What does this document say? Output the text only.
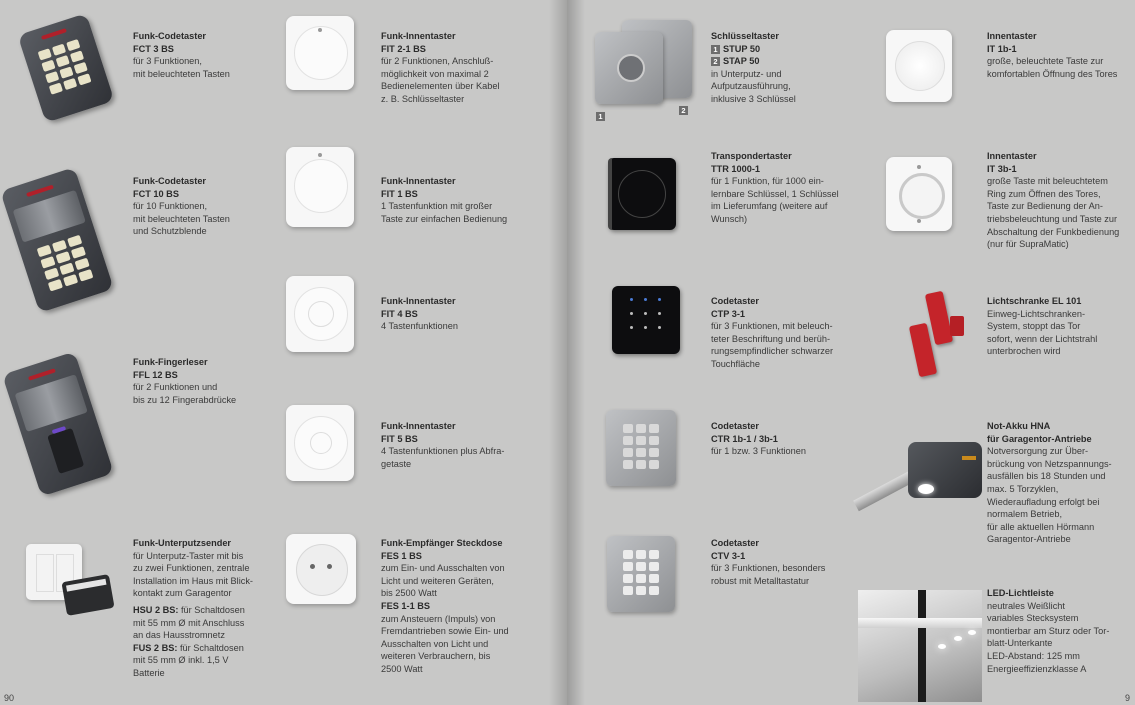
1
2
Funk-Codetaster
FCT 3 BS
für 3 Funktionen,
mit beleuchteten Tasten
Funk-Innentaster
FIT 2-1 BS
für 2 Funktionen, Anschluß-
möglichkeit von maximal 2
Bedienelementen über Kabel
z. B. Schlüsseltaster
Funk-Codetaster
FCT 10 BS
für 10 Funktionen,
mit beleuchteten Tasten
und Schutzblende
Funk-Innentaster
FIT 1 BS
1 Tastenfunktion mit großer
Taste zur einfachen Bedienung
Funk-Innentaster
FIT 4 BS
4 Tastenfunktionen
Funk-Fingerleser
FFL 12 BS
für 2 Funktionen und
bis zu 12 Fingerabdrücke
Funk-Innentaster
FIT 5 BS
4 Tastenfunktionen plus Abfra-
getaste
Funk-Unterputzsender
für Unterputz-Taster mit bis
zu zwei Funktionen, zentrale
Installation im Haus mit Blick-
kontakt zum Garagentor
HSU 2 BS: für Schaltdosen
mit 55 mm Ø mit Anschluss
an das Hausstromnetz
FUS 2 BS: für Schaltdosen
mit 55 mm Ø inkl. 1,5 V
Batterie
Funk-Empfänger Steckdose
FES 1 BS
zum Ein- und Ausschalten von
Licht und weiteren Geräten,
bis 2500 Watt
FES 1-1 BS
zum Ansteuern (Impuls) von
Fremdantrieben sowie Ein- und
Ausschalten von Licht und
weiteren Verbrauchern, bis
2500 Watt
Schlüsseltaster
1 STUP 50
2 STAP 50
in Unterputz- und
Aufputzausführung,
inklusive 3 Schlüssel
Innentaster
IT 1b-1
große, beleuchtete Taste zur
komfortablen Öffnung des Tores
Transpondertaster
TTR 1000-1
für 1 Funktion, für 1000 ein-
lernbare Schlüssel, 1 Schlüssel
im Lieferumfang (weitere auf
Wunsch)
Innentaster
IT 3b-1
große Taste mit beleuchtetem
Ring zum Öffnen des Tores,
Taste zur Bedienung der An-
triebsbeleuchtung und Taste zur
Abschaltung der Funkbedienung
(nur für SupraMatic)
Codetaster
CTP 3-1
für 3 Funktionen, mit beleuch-
teter Beschriftung und berüh-
rungsempfindlicher schwarzer
Touchfläche
Lichtschranke EL 101
Einweg-Lichtschranken-
System, stoppt das Tor
sofort, wenn der Lichtstrahl
unterbrochen wird
Codetaster
CTR 1b-1 / 3b-1
für 1 bzw. 3 Funktionen
Not-Akku HNA
für Garagentor-Antriebe
Notversorgung zur Über-
brückung von Netzspannungs-
ausfällen bis 18 Stunden und
max. 5 Torzyklen,
Wiederaufladung erfolgt bei
normalem Betrieb,
für alle aktuellen Hörmann
Garagentor-Antriebe
Codetaster
CTV 3-1
für 3 Funktionen, besonders
robust mit Metalltastatur
LED-Lichtleiste
neutrales Weißlicht
variables Stecksystem
montierbar am Sturz oder Tor-
blatt-Unterkante
LED-Abstand: 125 mm
Energieeffizienzklasse A
90	9
